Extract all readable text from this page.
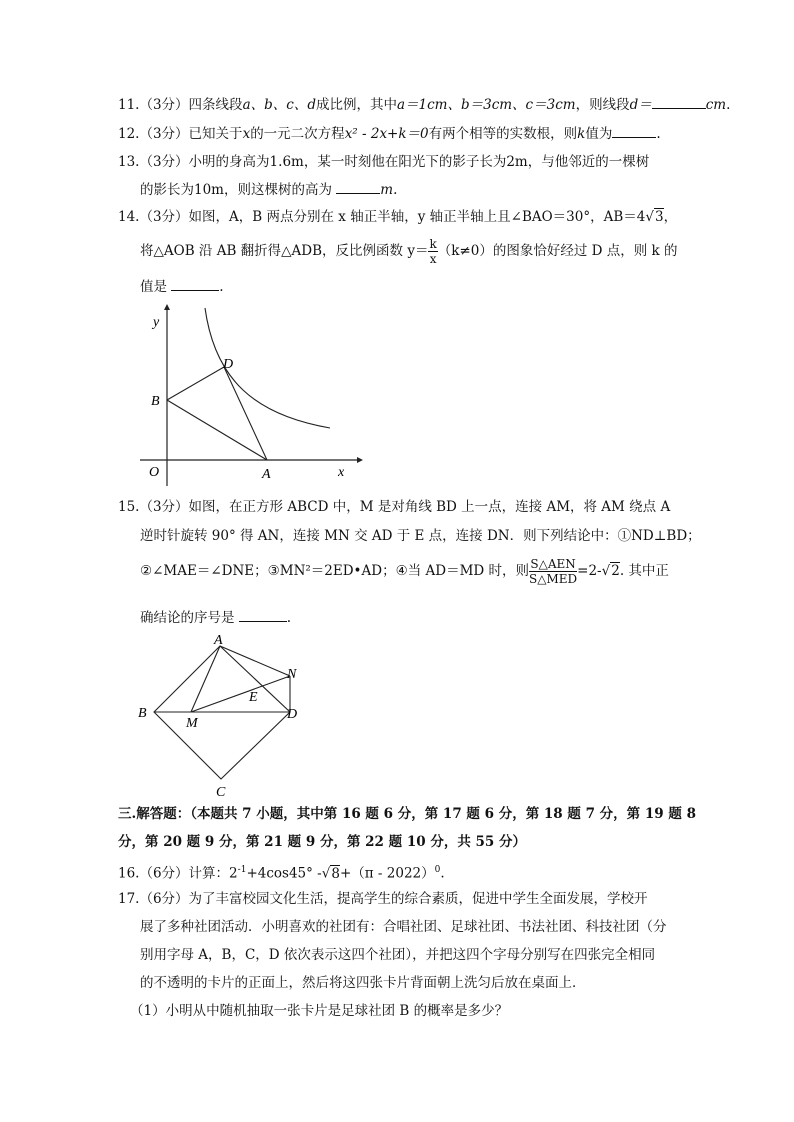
11.（3分）四条线段a、b、c、d成比例，其中a＝1cm、b＝3cm、c＝3cm，则线段d＝	cm.
12.（3分）已知关于x的一元二次方程x² - 2x+k＝0有两个相等的实数根，则k值为	.
13.（3分）小明的身高为1.6m，某一时刻他在阳光下的影子长为2m，与他邻近的一棵树
的影长为10m，则这棵树的高为	m.
14.（3分）如图，A，B 两点分别在 x 轴正半轴，y 轴正半轴上且∠BAO＝30°，AB＝4√3，
将△AOB 沿 AB 翻折得△ADB，反比例函数 $y= \frac{k}{x} (k\ne 0)$的图象恰好经过 D 点，则 k 的
值是	.
y
x
O	A
B
D
15.（3分）如图，在正方形 ABCD 中，M 是对角线 BD 上一点，连接 AM，将 AM 绕点 A
逆时针旋转 90° 得 AN，连接 MN 交 AD 于 E 点，连接 DN．则下列结论中：①ND⊥BD；
②∠MAE＝∠DNE；③MN²＝2ED•AD；④当 AD＝MD 时，则 $\frac{\text{S△AEN}}{\text{S△MED}} =2-√2$. 其中正
确结论的序号是	.
A
B
C
D
M
N
E
三.解答题：（本题共 7 小题，其中第 16 题 6 分，第 17 题 6 分，第 18 题 7 分，第 19 题 8
分，第 20 题 9 分，第 21 题 9 分，第 22 题 10 分，共 55 分）
16.（6分）计算：$2^{-1}+4\cos 45^\circ$ -√8+（π - 2022）$^0$.
17.（6分）为了丰富校园文化生活，提高学生的综合素质，促进中学生全面发展，学校开
展了多种社团活动．小明喜欢的社团有：合唱社团、足球社团、书法社团、科技社团（分
别用字母 A，B，C，D 依次表示这四个社团），并把这四个字母分别写在四张完全相同
的不透明的卡片的正面上，然后将这四张卡片背面朝上洗匀后放在桌面上．
（1）小明从中随机抽取一张卡片是足球社团 B 的概率是多少？
